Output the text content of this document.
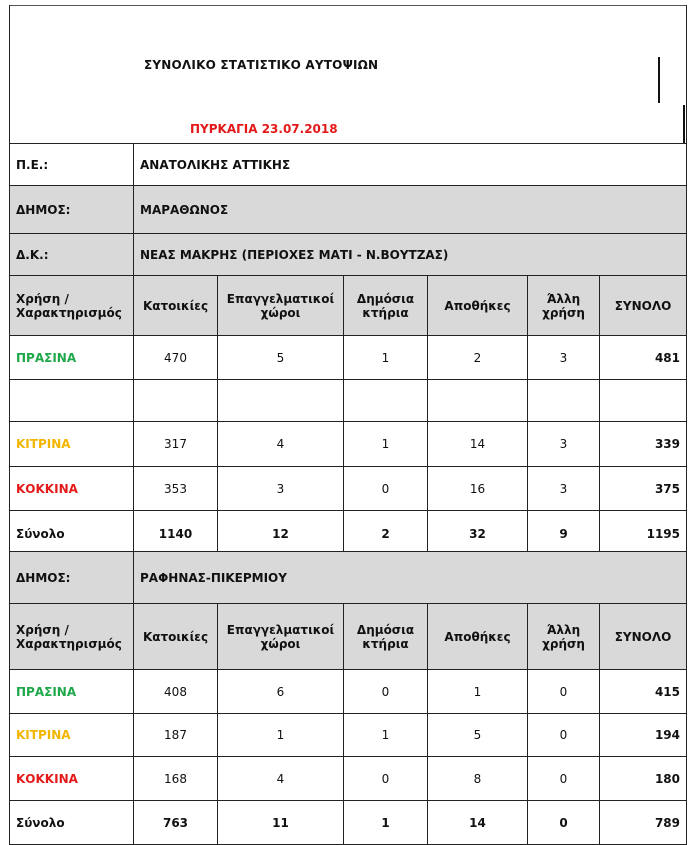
ΣΥΝΟΛΙΚΟ ΣΤΑΤΙΣΤΙΚΟ ΑΥΤΟΨΙΩΝ
ΠΥΡΚΑΓΙΑ 23.07.2018
Π.Ε.:	ΑΝΑΤΟΛΙΚΗΣ ΑΤΤΙΚΗΣ					
ΔΗΜΟΣ:	ΜΑΡΑΘΩΝΟΣ					
Δ.Κ.:	ΝΕΑΣ ΜΑΚΡΗΣ (ΠΕΡΙΟΧΕΣ ΜΑΤΙ - Ν.ΒΟΥΤΖΑΣ)					
Χρήση / Χαρακτηρισμός	Κατοικίες	Επαγγελματικοί χώροι	Δημόσια κτήρια	Αποθήκες	Άλλη χρήση	ΣΥΝΟΛΟ
ΠΡΑΣΙΝΑ	470	5	1	2	3	481

ΚΙΤΡΙΝΑ	317	4	1	14	3	339
ΚΟΚΚΙΝΑ	353	3	0	16	3	375
Σύνολο	1140	12	2	32	9	1195
ΔΗΜΟΣ:	ΡΑΦΗΝΑΣ-ΠΙΚΕΡΜΙΟΥ					
Χρήση / Χαρακτηρισμός	Κατοικίες	Επαγγελματικοί χώροι	Δημόσια κτήρια	Αποθήκες	Άλλη χρήση	ΣΥΝΟΛΟ
ΠΡΑΣΙΝΑ	408	6	0	1	0	415
ΚΙΤΡΙΝΑ	187	1	1	5	0	194
ΚΟΚΚΙΝΑ	168	4	0	8	0	180
Σύνολο	763	11	1	14	0	789
